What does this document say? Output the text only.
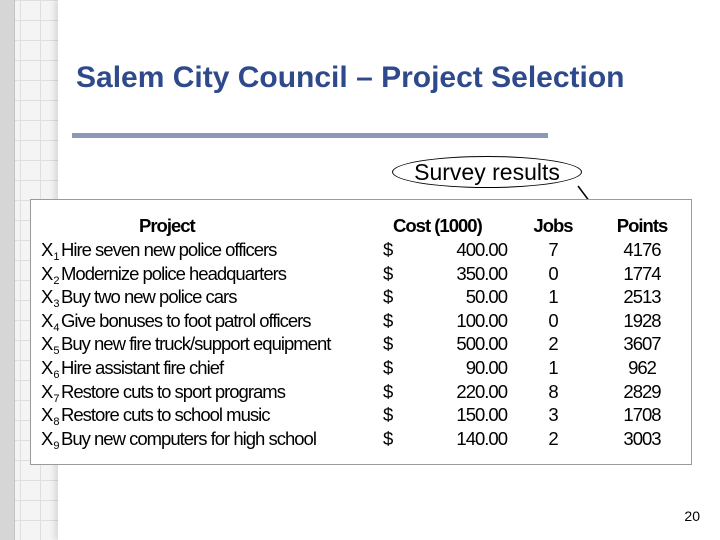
Salem City Council – Project Selection
Survey results
Project	Cost (1000)	Jobs	Points
$X_1$ Hire seven new police officers	$	400.00	7	4176
$X_2$ Modernize police headquarters	$	350.00	0	1774
$X_3$ Buy two new police cars	$	50.00	1	2513
$X_4$ Give bonuses to foot patrol officers	$	100.00	0	1928
$X_5$ Buy new fire truck/support equipment	$	500.00	2	3607
$X_6$ Hire assistant fire chief	$	90.00	1	962
$X_7$ Restore cuts to sport programs	$	220.00	8	2829
$X_8$ Restore cuts to school music	$	150.00	3	1708
$X_9$ Buy new computers for high school	$	140.00	2	3003
20
